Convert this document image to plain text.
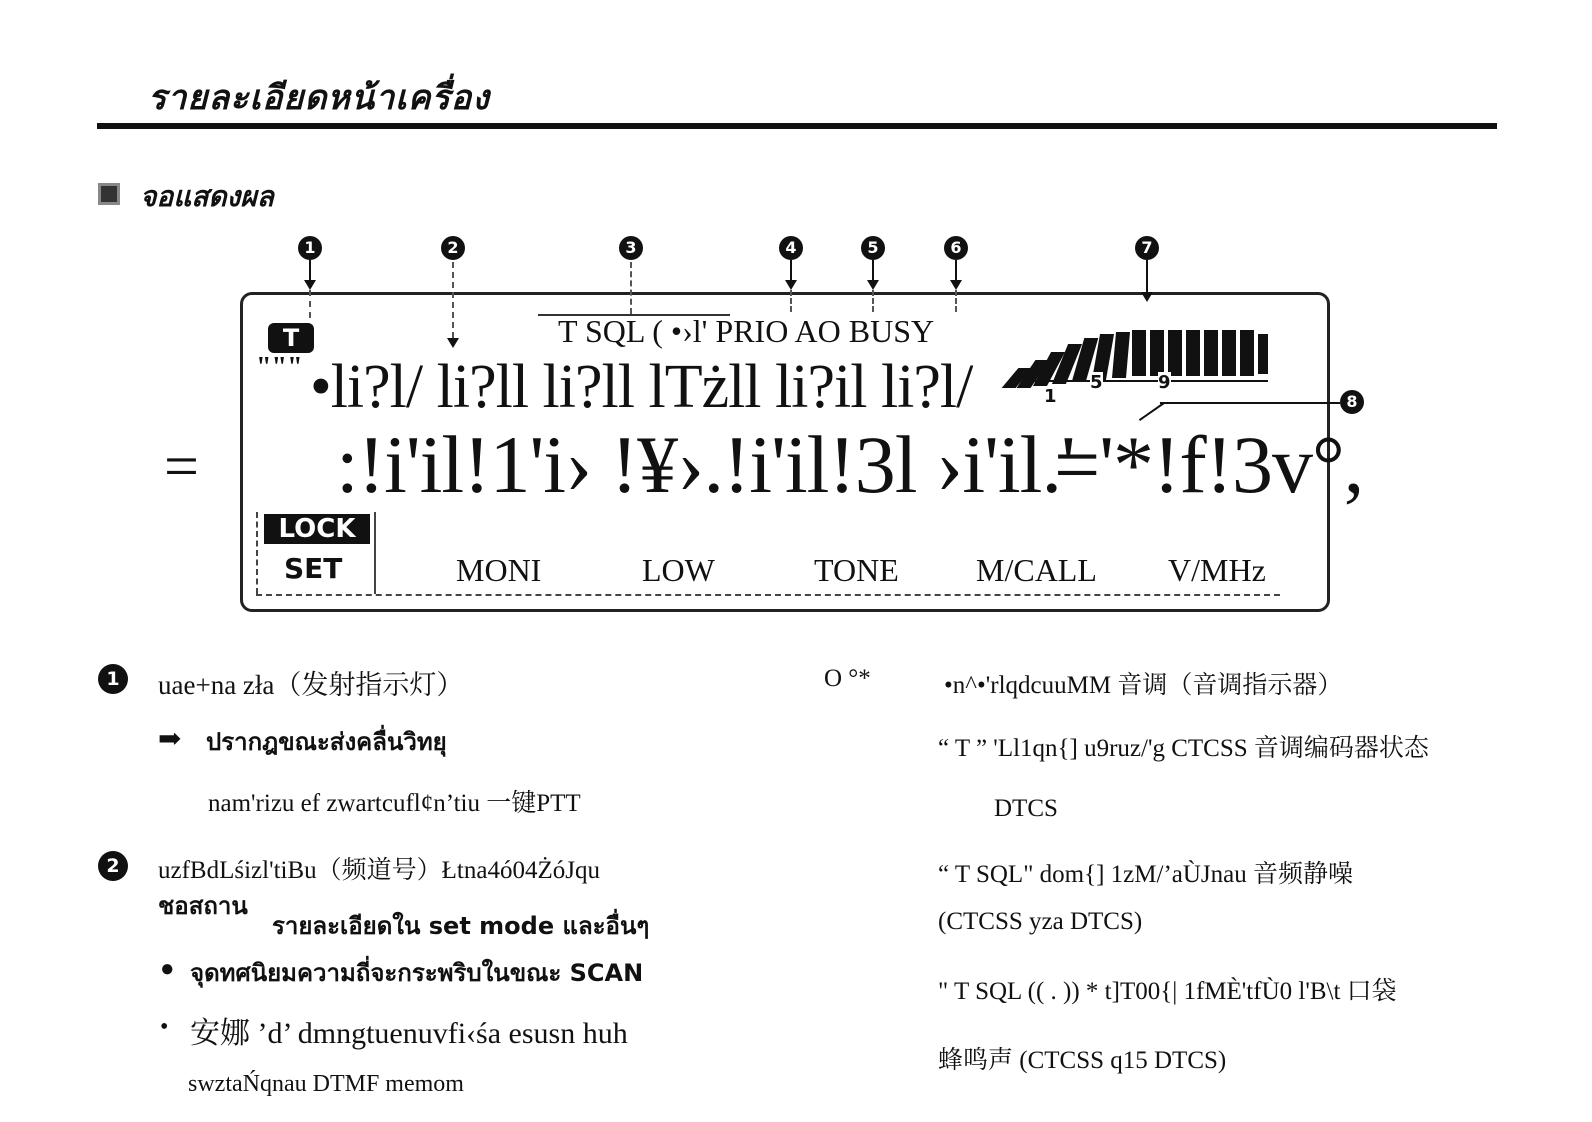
รายละเอียดหน้าเครื่อง
จอแสดงผล
1	2	3	4	5	6	7
8
T	T SQL ( •›l' PRIO AO BUSY
""" •li?l/ li?ll li?ll lTżll li?il li?l/
= :!i'il!1'i› !¥›.!i'il!3l ›i'il.'
='*!f!3v°,
1
5	9
LOCK
SET	MONI	LOW	TONE M/CALL V/MHz
1	uae+na zła（发射指示灯）
➡ ปรากฎขณะส่งคลื่นวิทยุ
nam'rizu ef zwartcufl¢n’tiu 一键PTT
2	uzfBdLśizl'tiBu（频道号）Łtna4ó04ŻóJqu
ชอสถาน
รายละเอียดใน set mode และอื่นๆ
● จุดทศนิยมความถี่จะกระพริบในขณะ SCAN
• 安娜 ’d’ dmngtuenuvfi‹śa esusn huh
swztaŃqnau DTMF memom
O °*	•n^•'rlqdcuuMM 音调（音调指示器）
“ T ” 'Ll1qn{] u9ruz/'g CTCSS 音调编码器状态
DTCS
“ T SQL" dom{] 1zM/’aÙJnau 音频静噪
(CTCSS yza DTCS)
" T SQL (( . )) * t]T00{| 1fMÈ'tfÙ0 l'B\t 口袋
蜂鸣声 (CTCSS q15 DTCS)
